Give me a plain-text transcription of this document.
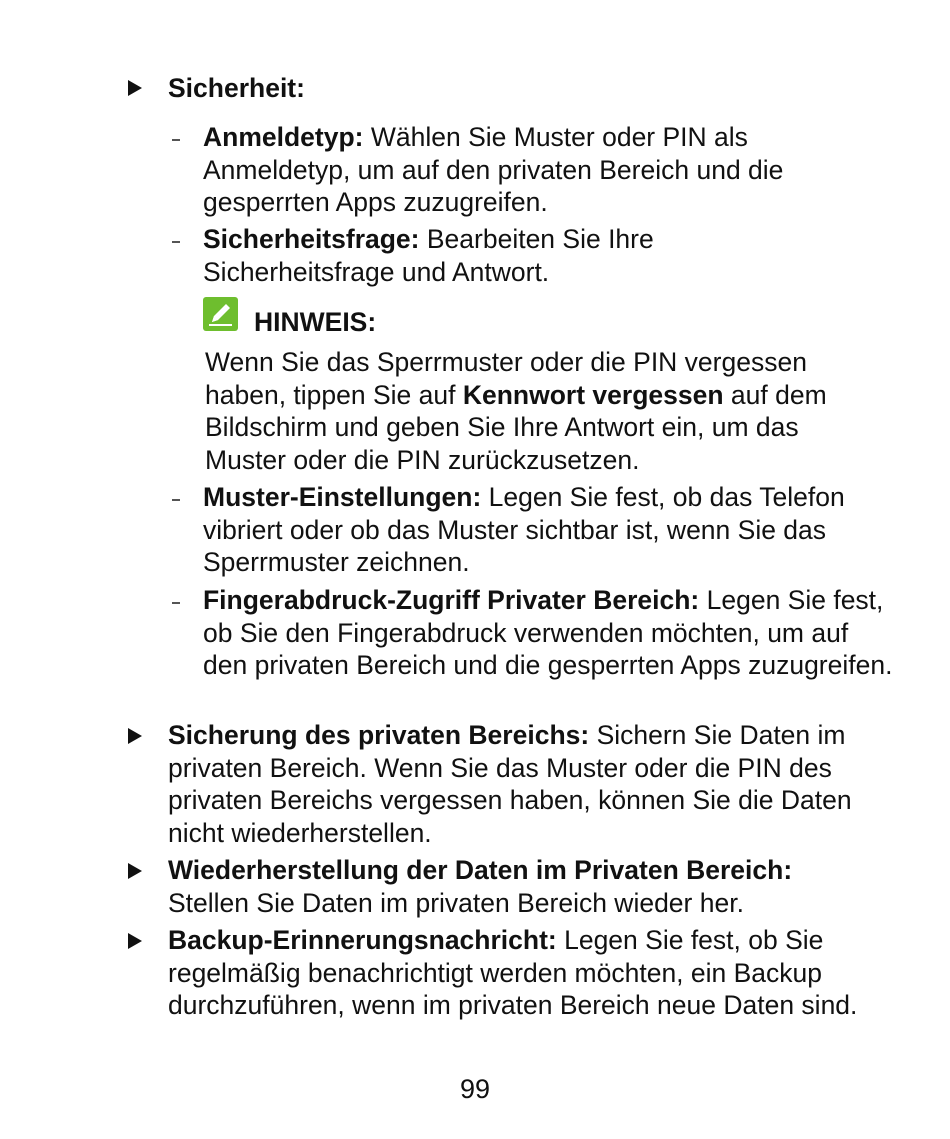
Sicherheit:

Anmeldetyp: Wählen Sie Muster oder PIN als Anmeldetyp, um auf den privaten Bereich und die gesperrten Apps zuzugreifen.

Sicherheitsfrage: Bearbeiten Sie Ihre Sicherheitsfrage und Antwort.

HINWEIS:

Wenn Sie das Sperrmuster oder die PIN vergessen haben, tippen Sie auf Kennwort vergessen auf dem Bildschirm und geben Sie Ihre Antwort ein, um das Muster oder die PIN zurückzusetzen.

Muster-Einstellungen: Legen Sie fest, ob das Telefon vibriert oder ob das Muster sichtbar ist, wenn Sie das Sperrmuster zeichnen.

Fingerabdruck-Zugriff Privater Bereich: Legen Sie fest, ob Sie den Fingerabdruck verwenden möchten, um auf den privaten Bereich und die gesperrten Apps zuzugreifen.

Sicherung des privaten Bereichs: Sichern Sie Daten im privaten Bereich. Wenn Sie das Muster oder die PIN des privaten Bereichs vergessen haben, können Sie die Daten nicht wiederherstellen.

Wiederherstellung der Daten im Privaten Bereich: Stellen Sie Daten im privaten Bereich wieder her.

Backup-Erinnerungsnachricht: Legen Sie fest, ob Sie regelmäßig benachrichtigt werden möchten, ein Backup durchzuführen, wenn im privaten Bereich neue Daten sind.

99
